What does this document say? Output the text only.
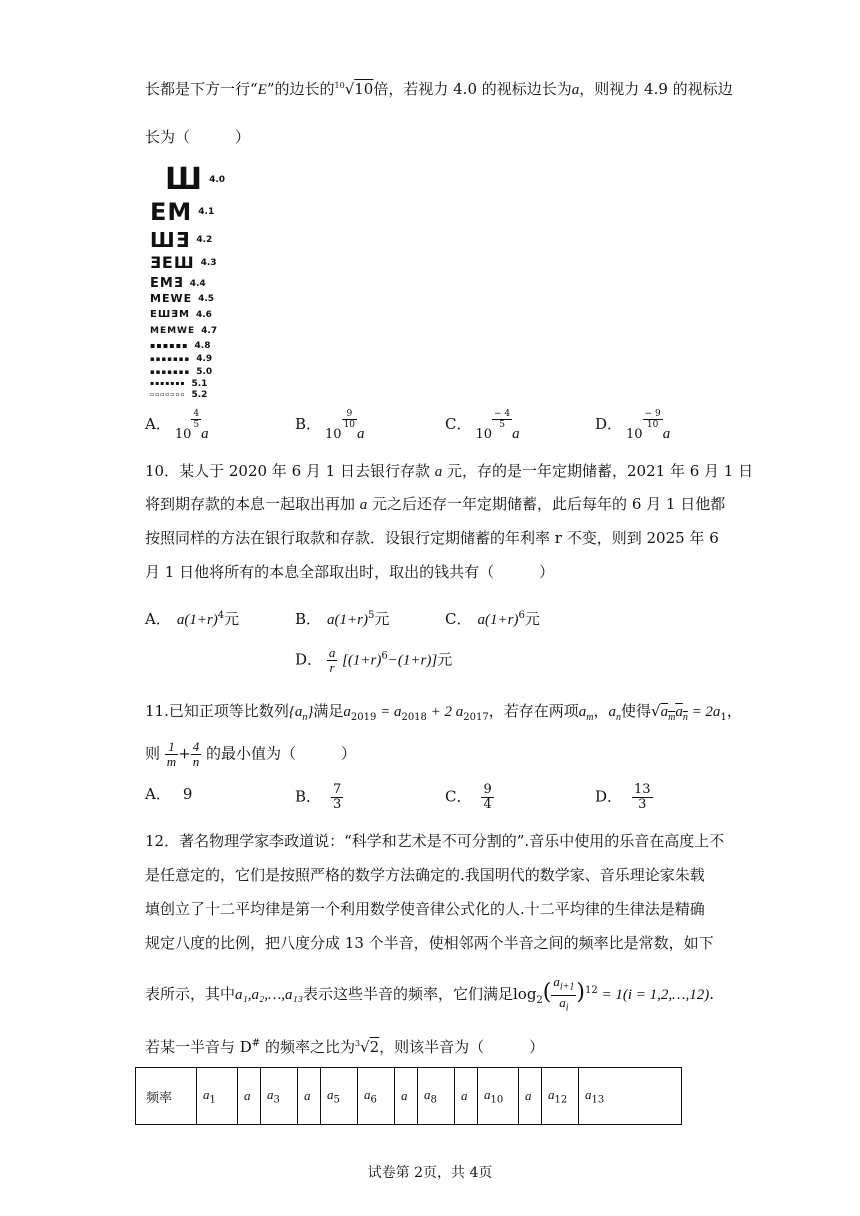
长都是下方一行“E”的边长的$^{10}$√10倍，若视力 4.0 的视标边长为a，则视力 4.9 的视标边
长为（　　　）
Ш 4.0
EM 4.1
ШƎ 4.2
ƎEШ 4.3
EMƎ 4.4
MEWE 4.5
EШƎM 4.6
MEMWE 4.7
▪▪▪▪▪▪ 4.8
▪▪▪▪▪▪▪ 4.9
▪▪▪▪▪▪▪ 5.0
▪▪▪▪▪▪▪ 5.1
▫▫▫▫▫▫▫ 5.2
A．10
$\frac{4}{5}$
a
B．10
$\frac{9}{10}$
a
C．10
$\frac{- 4}{5}$
a
D．10
$\frac{- 9}{10}$
a
10．某人于 2020 年 6 月 1 日去银行存款 a 元，存的是一年定期储蓄，2021 年 6 月 1 日
将到期存款的本息一起取出再加 a 元之后还存一年定期储蓄，此后每年的 6 月 1 日他都
按照同样的方法在银行取款和存款．设银行定期储蓄的年利率 r 不变，则到 2025 年 6
月 1 日他将所有的本息全部取出时，取出的钱共有（　　　）
A． $a(1+r)^4$元	B． $a(1+r)^5$元	C． $a(1+r)^6$元
D． $\frac{a}{r} [(1+r)^6-(1+r)]$元
11.已知正项等比数列$\{a_n\}$满足$a_{2019} = a_{2018} + 2$ $a_{2017}$，若存在两项$a_m$，$a_n$使得$√a_ma_n = 2a_1$，
则 $\frac{1}{m} + \frac{4}{n}$ 的最小值为（　　　）
A． 9	B． $\frac{7}{3}$	C． $\frac{9}{4}$	D． $\frac{13}{3}$
12．著名物理学家李政道说：“科学和艺术是不可分割的”.音乐中使用的乐音在高度上不
是任意定的，它们是按照严格的数学方法确定的.我国明代的数学家、音乐理论家朱载
填创立了十二平均律是第一个利用数学使音律公式化的人.十二平均律的生律法是精确
规定八度的比例，把八度分成 13 个半音，使相邻两个半音之间的频率比是常数，如下
表所示，其中a₁,a₂,…,a₁₃表示这些半音的频率，它们满足$\log_2( \frac{a_{i+1}}{a_i} )^{12} = 1(i$ = 1,2,…,12).
若某一半音与 D# 的频率之比为$^3$√2，则该半音为（　　　）
频率	$a_1$	a	$a_3$	a	$a_5$	$a_6$	a	$a_8$	a	$a_{10}$	a	$a_{12}$	$a_{13}$
试卷第 2页，共 4页
